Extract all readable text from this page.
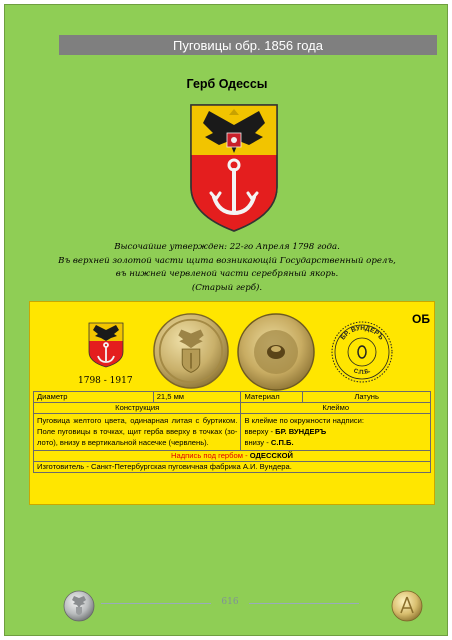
Пуговицы обр. 1856 года
Герб Одессы
Высочайше утвержден: 22-го Апреля 1798 года.
Въ верхней золотой части щита возникающій Государственный орелъ,
въ нижней червленой части серебряный якорь.
(Старый герб).
1798 - 1917
БР. ВУНДЕРЪ
С.П.Б.
ОБ
Диаметр	21,5 мм	Материал	Латунь
Конструкция		Клеймо	
Пуговица желтого цвета, одинарная литая с буртиком. Поле пуговицы в точках, щит герба вверху в точках (зо-лото), внизу в вертикальной насечке (червлень).		В клейме по окружности надписи:
вверху - БР. ВУНДЕРЪ
внизу - С.П.Б.	

Надпись под гербом - ОДЕССКОЙ			
Изготовитель - Санкт-Петербургская пуговичная фабрика А.И. Вундера.			
616
